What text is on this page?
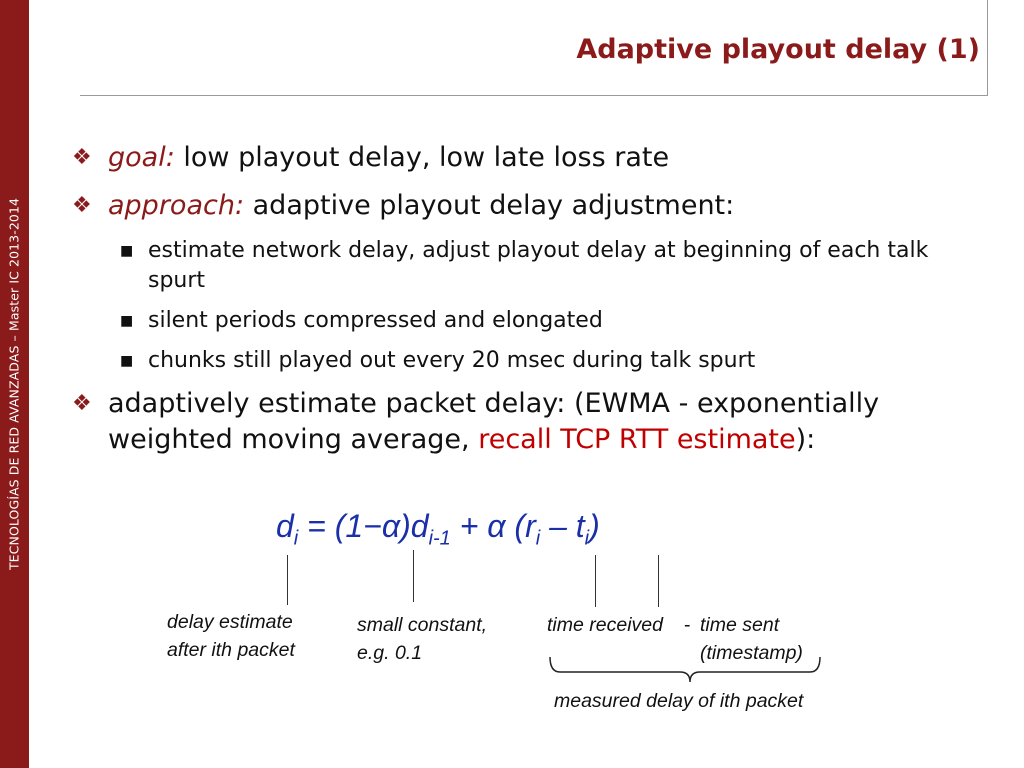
TECNOLOGÍAS DE RED AVANZADAS – Master IC 2013-2014
Adaptive playout delay (1)
❖ goal: low playout delay, low late loss rate
❖ approach: adaptive playout delay adjustment:
■ estimate network delay, adjust playout delay at beginning of each talk spurt
■ silent periods compressed and elongated
■ chunks still played out every 20 msec during talk spurt
❖ adaptively estimate packet delay: (EWMA - exponentially weighted moving average, recall TCP RTT estimate):
$d_i = (1-\alpha)d_{i-1} + \alpha$ $(r_i - t_i)$
delay estimate
after ith packet
small constant,
e.g. 0.1
time received - time sent
(timestamp)
measured delay of ith packet
